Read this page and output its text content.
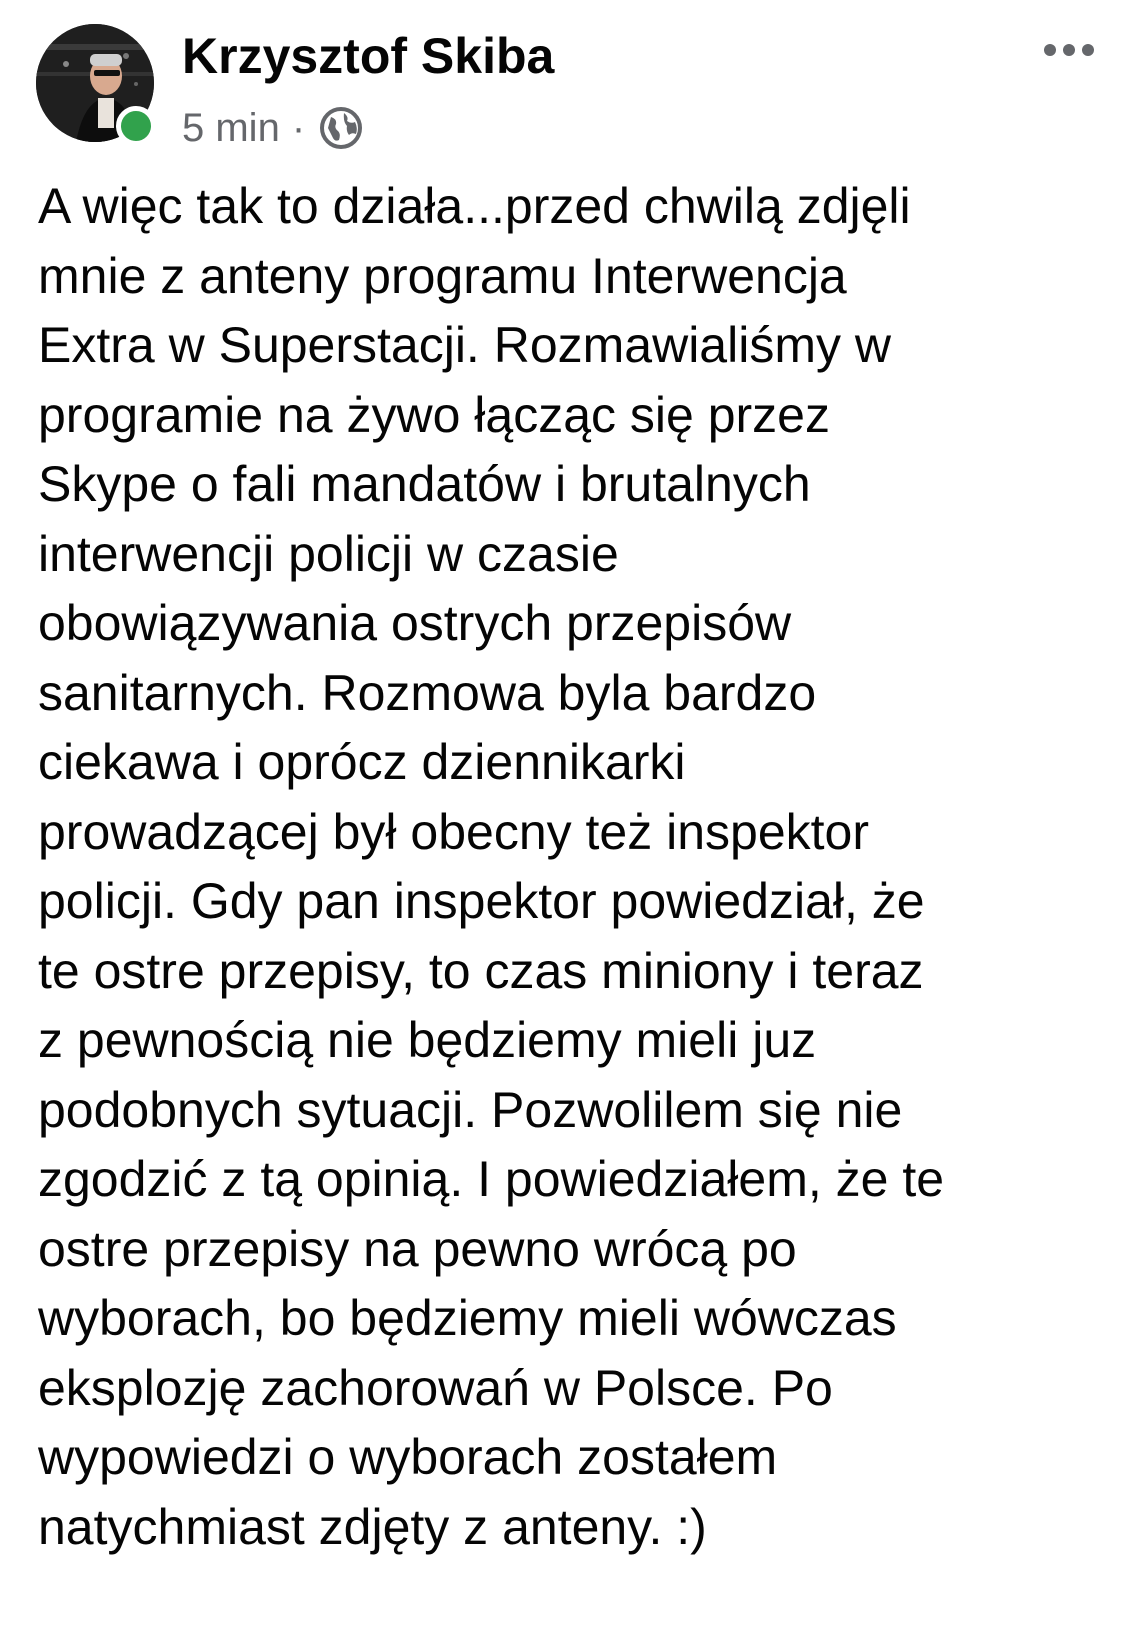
Krzysztof Skiba
5 min ·
A więc tak to działa...przed chwilą zdjęli
mnie z anteny programu Interwencja
Extra w Superstacji. Rozmawialiśmy w
programie na żywo łącząc się przez
Skype o fali mandatów i brutalnych
interwencji policji w czasie
obowiązywania ostrych przepisów
sanitarnych. Rozmowa byla bardzo
ciekawa i oprócz dziennikarki
prowadzącej był obecny też inspektor
policji. Gdy pan inspektor powiedział, że
te ostre przepisy, to czas miniony i teraz
z pewnością nie będziemy mieli juz
podobnych sytuacji. Pozwolilem się nie
zgodzić z tą opinią. I powiedziałem, że te
ostre przepisy na pewno wrócą po
wyborach, bo będziemy mieli wówczas
eksplozję zachorowań w Polsce. Po
wypowiedzi o wyborach zostałem
natychmiast zdjęty z anteny. :)
